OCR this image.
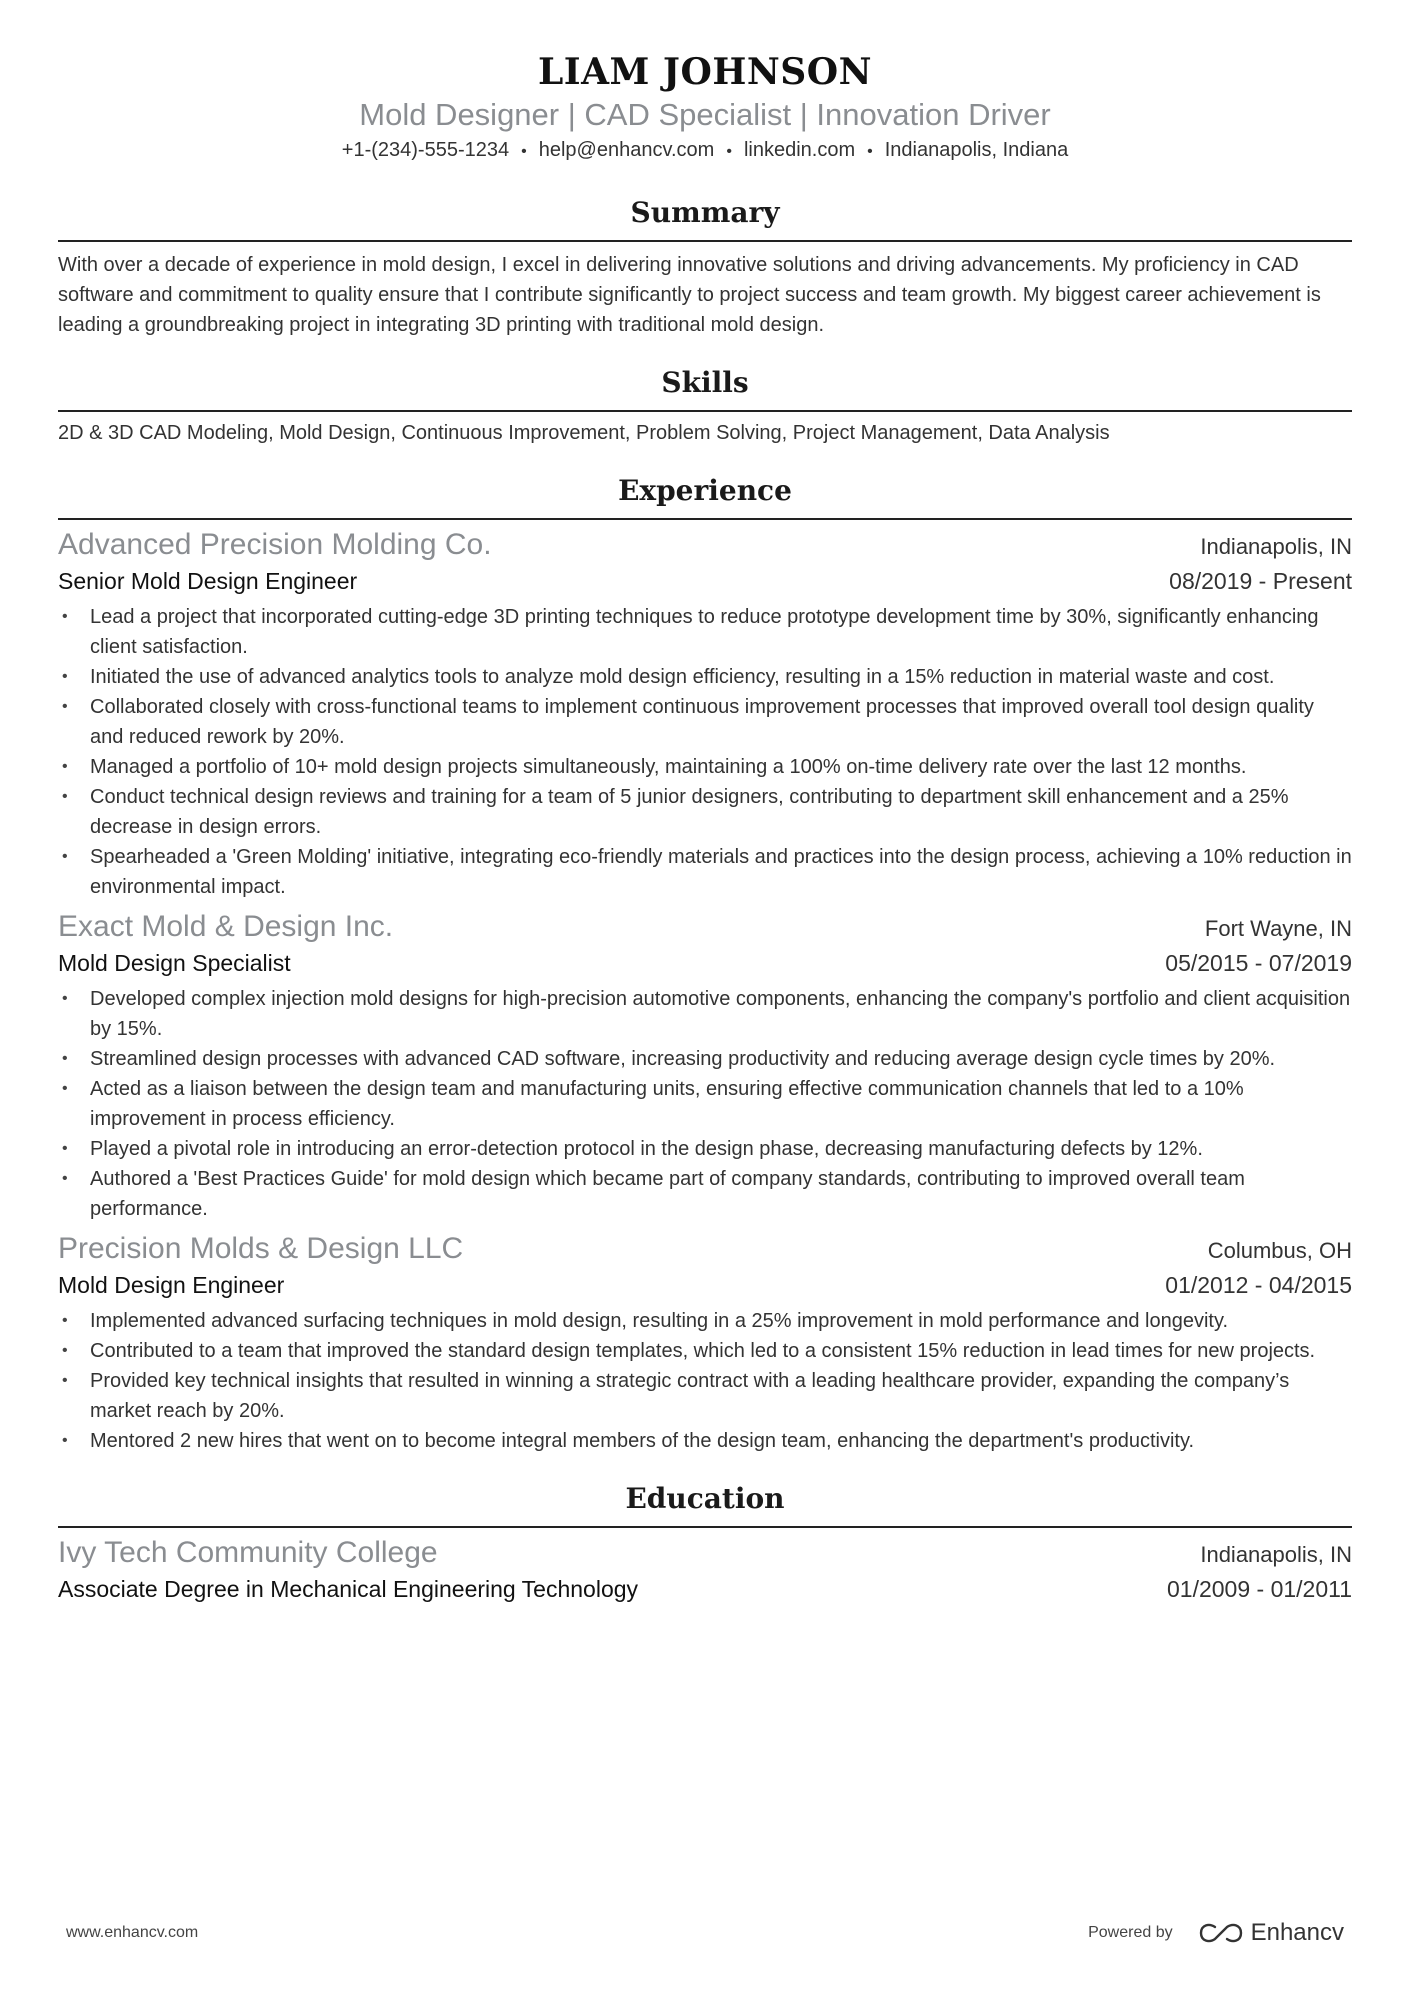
LIAM JOHNSON
Mold Designer | CAD Specialist | Innovation Driver
+1-(234)-555-1234 • help@enhancv.com • linkedin.com • Indianapolis, Indiana
Summary
With over a decade of experience in mold design, I excel in delivering innovative solutions and driving advancements. My proficiency in CAD software and commitment to quality ensure that I contribute significantly to project success and team growth. My biggest career achievement is leading a groundbreaking project in integrating 3D printing with traditional mold design.
Skills
2D & 3D CAD Modeling, Mold Design, Continuous Improvement, Problem Solving, Project Management, Data Analysis
Experience
Advanced Precision Molding Co.	Indianapolis, IN
Senior Mold Design Engineer	08/2019 - Present
• Lead a project that incorporated cutting-edge 3D printing techniques to reduce prototype development time by 30%, significantly enhancing client satisfaction.
• Initiated the use of advanced analytics tools to analyze mold design efficiency, resulting in a 15% reduction in material waste and cost.
• Collaborated closely with cross-functional teams to implement continuous improvement processes that improved overall tool design quality and reduced rework by 20%.
• Managed a portfolio of 10+ mold design projects simultaneously, maintaining a 100% on-time delivery rate over the last 12 months.
• Conduct technical design reviews and training for a team of 5 junior designers, contributing to department skill enhancement and a 25% decrease in design errors.
• Spearheaded a 'Green Molding' initiative, integrating eco-friendly materials and practices into the design process, achieving a 10% reduction in environmental impact.
Exact Mold & Design Inc.	Fort Wayne, IN
Mold Design Specialist	05/2015 - 07/2019
• Developed complex injection mold designs for high-precision automotive components, enhancing the company's portfolio and client acquisition by 15%.
• Streamlined design processes with advanced CAD software, increasing productivity and reducing average design cycle times by 20%.
• Acted as a liaison between the design team and manufacturing units, ensuring effective communication channels that led to a 10% improvement in process efficiency.
• Played a pivotal role in introducing an error-detection protocol in the design phase, decreasing manufacturing defects by 12%.
• Authored a 'Best Practices Guide' for mold design which became part of company standards, contributing to improved overall team performance.
Precision Molds & Design LLC	Columbus, OH
Mold Design Engineer	01/2012 - 04/2015
• Implemented advanced surfacing techniques in mold design, resulting in a 25% improvement in mold performance and longevity.
• Contributed to a team that improved the standard design templates, which led to a consistent 15% reduction in lead times for new projects.
• Provided key technical insights that resulted in winning a strategic contract with a leading healthcare provider, expanding the company’s market reach by 20%.
• Mentored 2 new hires that went on to become integral members of the design team, enhancing the department's productivity.
Education
Ivy Tech Community College	Indianapolis, IN
Associate Degree in Mechanical Engineering Technology	01/2009 - 01/2011
www.enhancv.com	Powered by	Enhancv
